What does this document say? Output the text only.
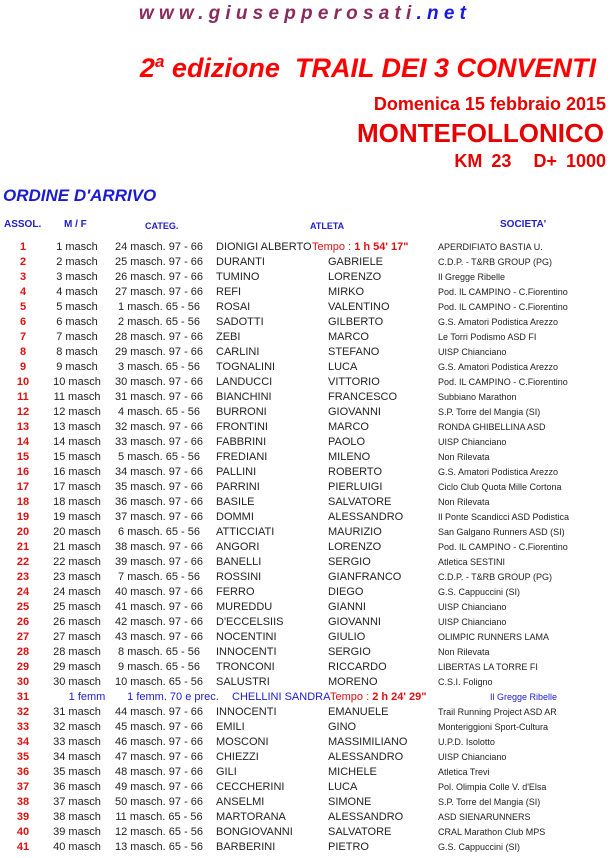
www.giusepperosati.net
2$^a$ edizione TRAIL DEI 3 CONVENTI
Domenica 15 febbraio 2015
MONTEFOLLONICO
KM 23 D+ 1000
ORDINE D'ARRIVO
ASSOL. M / F	CATEG.	ATLETA	SOCIETA'
1	1 masch	24 masch. 97 - 66	DIONIGI ALBERTO Tempo : 1 h 54' 17"	APERDIFIATO BASTIA U.
2	2 masch	25 masch. 97 - 66	DURANTI	GABRIELE	C.D.P. - T&RB GROUP (PG)
3	3 masch	26 masch. 97 - 66	TUMINO	LORENZO	Il Gregge Ribelle
4	4 masch	27 masch. 97 - 66	REFI	MIRKO	Pod. IL CAMPINO - C.Fiorentino
5	5 masch	1 masch. 65 - 56	ROSAI	VALENTINO	Pod. IL CAMPINO - C.Fiorentino
6	6 masch	2 masch. 65 - 56	SADOTTI	GILBERTO	G.S. Amatori Podistica Arezzo
7	7 masch	28 masch. 97 - 66	ZEBI	MARCO	Le Torri Podismo ASD FI
8	8 masch	29 masch. 97 - 66	CARLINI	STEFANO	UISP Chianciano
9	9 masch	3 masch. 65 - 56	TOGNALINI	LUCA	G.S. Amatori Podistica Arezzo
10	10 masch	30 masch. 97 - 66	LANDUCCI	VITTORIO	Pod. IL CAMPINO - C.Fiorentino
11	11 masch	31 masch. 97 - 66	BIANCHINI	FRANCESCO	Subbiano Marathon
12	12 masch	4 masch. 65 - 56	BURRONI	GIOVANNI	S.P. Torre del Mangia (SI)
13	13 masch	32 masch. 97 - 66	FRONTINI	MARCO	RONDA GHIBELLINA ASD
14	14 masch	33 masch. 97 - 66	FABBRINI	PAOLO	UISP Chianciano
15	15 masch	5 masch. 65 - 56	FREDIANI	MILENO	Non Rilevata
16	16 masch	34 masch. 97 - 66	PALLINI	ROBERTO	G.S. Amatori Podistica Arezzo
17	17 masch	35 masch. 97 - 66	PARRINI	PIERLUIGI	Ciclo Club Quota Mille Cortona
18	18 masch	36 masch. 97 - 66	BASILE	SALVATORE	Non Rilevata
19	19 masch	37 masch. 97 - 66	DOMMI	ALESSANDRO	Il Ponte Scandicci ASD Podistica
20	20 masch	6 masch. 65 - 56	ATTICCIATI	MAURIZIO	San Galgano Runners ASD (SI)
21	21 masch	38 masch. 97 - 66	ANGORI	LORENZO	Pod. IL CAMPINO - C.Fiorentino
22	22 masch	39 masch. 97 - 66	BANELLI	SERGIO	Atletica SESTINI
23	23 masch	7 masch. 65 - 56	ROSSINI	GIANFRANCO	C.D.P. - T&RB GROUP (PG)
24	24 masch	40 masch. 97 - 66	FERRO	DIEGO	G.S. Cappuccini (SI)
25	25 masch	41 masch. 97 - 66	MUREDDU	GIANNI	UISP Chianciano
26	26 masch	42 masch. 97 - 66	D'ECCELSIIS	GIOVANNI	UISP Chianciano
27	27 masch	43 masch. 97 - 66	NOCENTINI	GIULIO	OLIMPIC RUNNERS LAMA
28	28 masch	8 masch. 65 - 56	INNOCENTI	SERGIO	Non Rilevata
29	29 masch	9 masch. 65 - 56	TRONCONI	RICCARDO	LIBERTAS LA TORRE FI
30	30 masch	10 masch. 65 - 56	SALUSTRI	MORENO	C.S.I. Foligno
31	1 femm	1 femm. 70 e prec.	CHELLINI SANDRA Tempo : 2 h 24' 29"	Il Gregge Ribelle
32	31 masch	44 masch. 97 - 66	INNOCENTI	EMANUELE	Trail Running Project ASD AR
33	32 masch	45 masch. 97 - 66	EMILI	GINO	Monteriggioni Sport-Cultura
34	33 masch	46 masch. 97 - 66	MOSCONI	MASSIMILIANO	U.P.D. Isolotto
35	34 masch	47 masch. 97 - 66	CHIEZZI	ALESSANDRO	UISP Chianciano
36	35 masch	48 masch. 97 - 66	GILI	MICHELE	Atletica Trevi
37	36 masch	49 masch. 97 - 66	CECCHERINI	LUCA	Pol. Olimpia Colle V. d'Elsa
38	37 masch	50 masch. 97 - 66	ANSELMI	SIMONE	S.P. Torre del Mangia (SI)
39	38 masch	11 masch. 65 - 56	MARTORANA	ALESSANDRO	ASD SIENARUNNERS
40	39 masch	12 masch. 65 - 56	BONGIOVANNI	SALVATORE	CRAL Marathon Club MPS
41	40 masch	13 masch. 65 - 56	BARBERINI	PIETRO	G.S. Cappuccini (SI)
